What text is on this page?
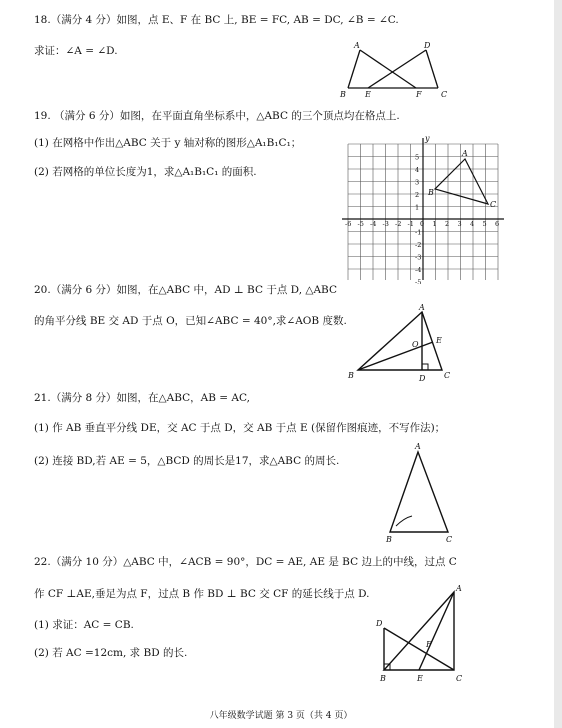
18.（满分 4 分）如图，点 E、F 在 BC 上, BE = FC, AB = DC, ∠B = ∠C.
求证：∠A = ∠D.	A	D
B E	F C
19. （满分 6 分）如图，在平面直角坐标系中，△ABC 的三个顶点均在格点上.
(1) 在网格中作出△ABC 关于 y 轴对称的图形△A₁B₁C₁；
(2) 若网格的单位长度为1，求△A₁B₁C₁ 的面积.
y
A
B
C
-6 -5 -4 -3 -2 -1 0 1 2 3 4 5 6
5
4
3
2
1
-1
-2
-3
-4
-5
20.（满分 6 分）如图，在△ABC 中，AD ⊥ BC 于点 D, △ABC
的角平分线 BE 交 AD 于点 O，已知∠ABC = 40°,求∠AOB 度数.
A
B	C
D
E
O
21.（满分 8 分）如图，在△ABC，AB = AC,
(1) 作 AB 垂直平分线 DE，交 AC 于点 D，交 AB 于点 E (保留作图痕迹，不写作法)；
(2) 连接 BD,若 AE = 5，△BCD 的周长是17，求△ABC 的周长.
A
B	C
22.（满分 10 分）△ABC 中，∠ACB = 90°，DC = AE, AE 是 BC 边上的中线，过点 C
作 CF ⊥AE,垂足为点 F，过点 B 作 BD ⊥ BC 交 CF 的延长线于点 D.
(1) 求证：AC = CB.
(2) 若 AC =12cm, 求 BD 的长.
D
A
F
B	E	C
八年级数学试题 第 3 页（共 4 页）
